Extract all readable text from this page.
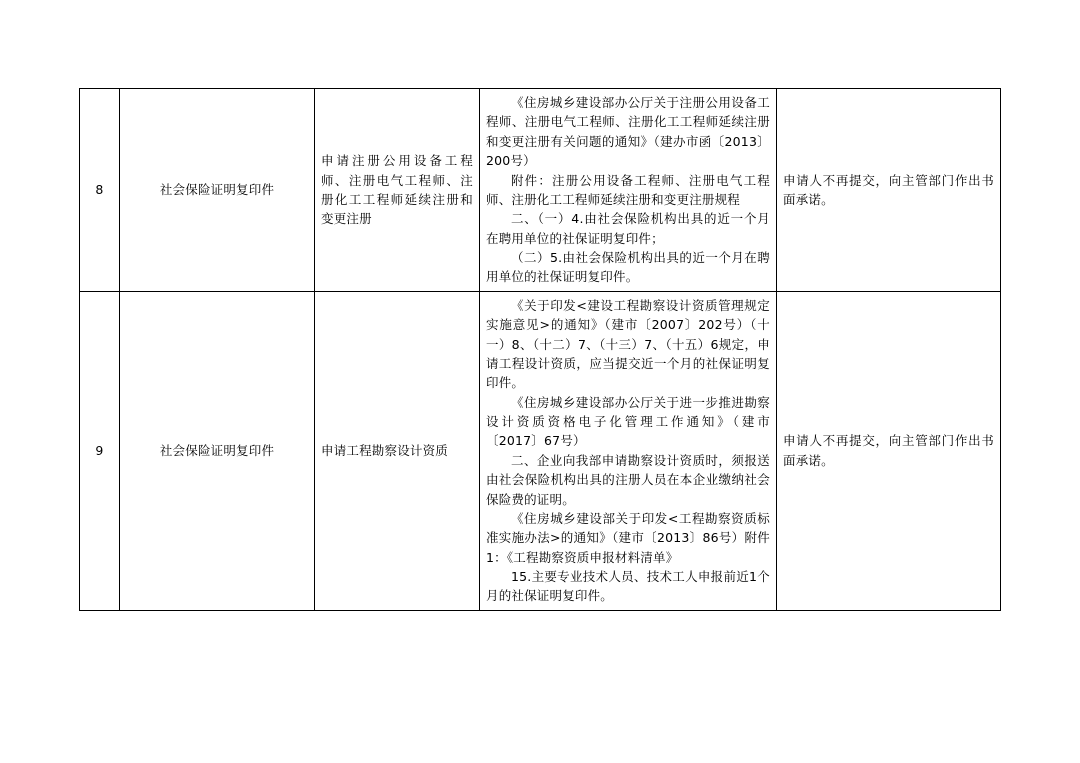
8	社会保险证明复印件	申请注册公用设备工程师、注册电气工程师、注册化工工程师延续注册和变更注册	《住房城乡建设部办公厅关于注册公用设备工程师、注册电气工程师、注册化工工程师延续注册和变更注册有关问题的通知》（建办市函〔2013〕200号）

附件：注册公用设备工程师、注册电气工程师、注册化工工程师延续注册和变更注册规程

二、（一）4.由社会保险机构出具的近一个月在聘用单位的社保证明复印件；

（二）5.由社会保险机构出具的近一个月在聘用单位的社保证明复印件。	申请人不再提交，向主管部门作出书面承诺。

9	社会保险证明复印件	申请工程勘察设计资质	《关于印发<建设工程勘察设计资质管理规定实施意见>的通知》（建市〔2007〕202号）（十一）8、（十二）7、（十三）7、（十五）6规定，申请工程设计资质，应当提交近一个月的社保证明复印件。

《住房城乡建设部办公厅关于进一步推进勘察设计资质资格电子化管理工作通知》（建市〔2017〕67号）

二、企业向我部申请勘察设计资质时，须报送由社会保险机构出具的注册人员在本企业缴纳社会保险费的证明。

《住房城乡建设部关于印发<工程勘察资质标准实施办法>的通知》（建市〔2013〕86号）附件1：《工程勘察资质申报材料清单》

15.主要专业技术人员、技术工人申报前近1个月的社保证明复印件。	申请人不再提交，向主管部门作出书面承诺。
